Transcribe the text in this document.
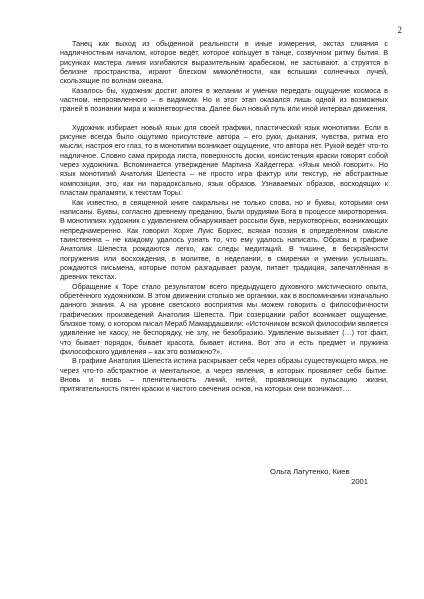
2

Танец как выход из обыденной реальности в иные измерения, экстаз слияния с надличностным началом, которое ведёт, которое кольцует в танце, созвучном ритму бытия. В рисунках мастера линия изгибаются выразительным арабеском, не застывают, а струятся в белизне пространства, играют блеском мимолётности, как вспышки солнечных лучей, скользящие по волнам океана.

Казалось бы, художник достиг апогея в желании и умении передать ощущение космоса в частном, непроявленного – в видимом. Но и этот этап оказался лишь одной из возможных граней в познании мира и жизнетворчества. Далее был новый путь или иной интервал движения.

Художник избирает новый язык для своей графики, пластический язык монотипии. Если в рисунке всегда было ощутимо присутствие автора – его руки, дыхания, чувства, ритма его мысли, настроя его глаз, то в монотипии возникает ощущение, что автора нет. Рукой ведёт что-то надличное. Словно сама природа листа, поверхность доски, консистенция краски говорят собой через художника. Вспоминается утверждение Мартина Хайдеггера: «Язык мной говорит». Но язык монотипий Анатолия Шепеста – не просто игра фактур или текстур, не абстрактные композиции, это, как ни парадоксально, язык образов. Узнаваемых образов, восходящих к пластам прапамяти, к текстам Торы.

Как известно, в священной книге сакральны не только слова, но и буквы, которыми они написаны. Буквы, согласно древнему преданию, были орудиями Бога в процессе миротворения. В монотипиях художник с удивлением обнаруживает россыпи букв, нерукотворных, возникающих непреднамеренно. Как говорил Хорхе Луис Борхес, всякая поэзия в определённом смысле таинственна – не каждому удалось узнать то, что ему удалось написать. Образы в графике Анатолия Шепеста рождаются легко, как следы медитаций. В тишине, в бескрайности погружения или восхождения, в молитве, в неделании, в смирении и умении услышать, рождаются письмена, которые потом разгадывает разум, питает традиция, запечатлённая в древних текстах.

Обращение к Торе стало результатом всего предыдущего духовного мистического опыта, обретённого художником. В этом движении столько же органики, как в воспоминании изначально данного знания. А на уровне светского восприятия мы можем говорить о философичности графических произведений Анатолия Шепеста. При созерцании работ возникает ощущение, близкое тому, о котором писал Мераб Мамардашвили: «Источником всякой философии является удивление не хаосу, не беспорядку, не злу, не безобразию. Удивление вызывает (…) тот факт, что бывает порядок, бывает красота, бывает истина. Вот это и есть предмет и пружина философского удивления – как это возможно?».

В графике Анатолия Шепеста истина раскрывает себя через образы существующего мира, не через что-то абстрактное и ментальное, а через явления, в которых проявляет себя бытие. Вновь и вновь – пленительность линий, нитей, проявляющих пульсацию жизни, притягательность пятен краски и чистого свечения основ, на которых они возникают…

Ольга Лагутенко, Киев
2001
